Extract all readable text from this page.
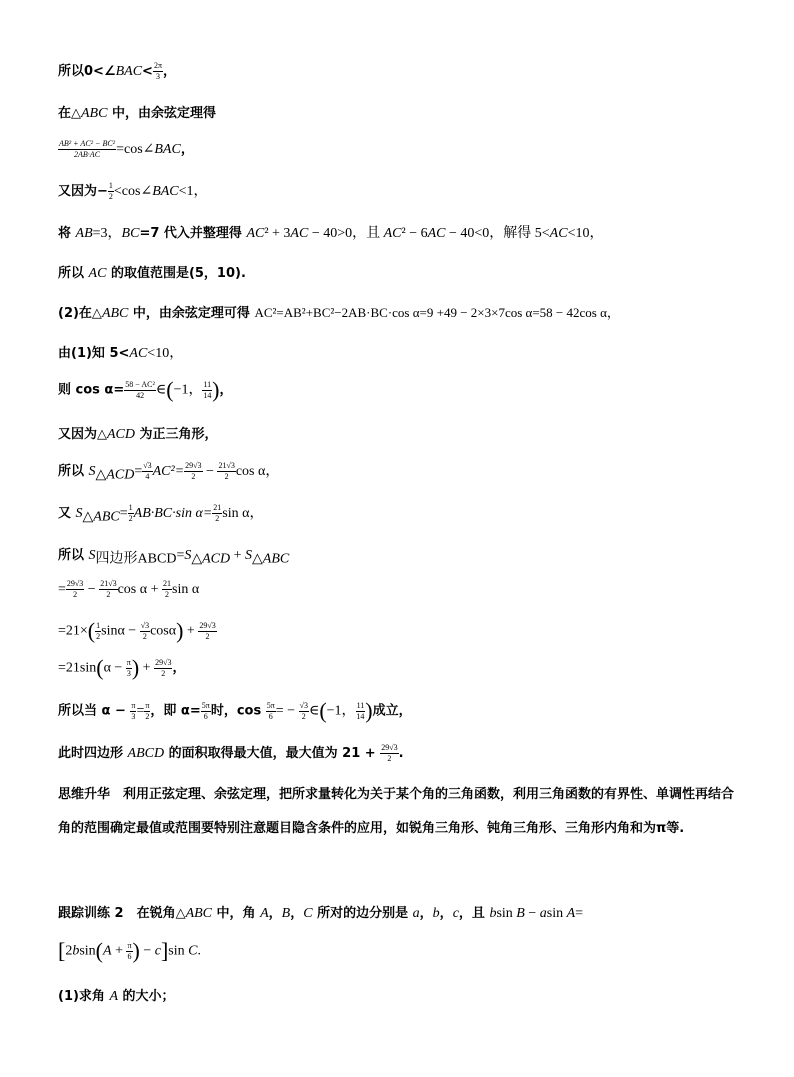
所以0<∠BAC< $\frac{2\pi}{3}$ ，
在△ABC 中，由余弦定理得
$\frac{\text{AB² + AC² − BC²}}{2AB\cdot AC}$ =cos∠BAC，
又因为− $\frac{1}{2}$ <cos∠BAC<1，
将 AB=3，BC=7 代入并整理得 AC² + 3AC − 40>0，且 AC² − 6AC − 40<0，解得 5<AC<10，
所以 AC 的取值范围是(5，10).
(2)在△ABC 中，由余弦定理可得 AC²=AB²+BC²−2AB·BC·cos α=9 +49 − 2×3×7cos α=58 − 42cos α，
由(1)知 5<AC<10，
则 $\cos \alpha= \frac{\text{58 − AC²}}{42}$ ∈(−1， $\frac{11}{14}$ )，
又因为△ACD 为正三角形，
所以 $S_{\triangle ACD}= \frac{√3}{4} AC^2= \frac{29√3}{2} - \frac{21√3}{2}$ cos α，
又 $S_{\triangle ABC}= \frac{1}{2} AB\cdot BC\cdot\sin$ $\alpha= \frac{21}{2}$ sin α，
所以 $S_{四边形ABCD}=S_{\triangle ACD} + S_{\triangle ABC}$
= $\frac{29√3}{2} - \frac{21√3}{2}$ $\cos \alpha + \frac{21}{2}$ sin α
$=21\times( \frac{1}{2}$ $\sin\alpha - \frac{√3}{2} \cos\alpha) + \frac{29√3}{2}$
$=21\sin(\alpha - \frac{\pi}{3}$ ) + $\frac{29√3}{2}$ ，
所以当 $\alpha - \frac{\pi}{3} = \frac{\pi}{2}$ ，即 $\alpha= \frac{5\pi}{6}$ 时，$\cos \frac{5\pi}{6}$ = − $\frac{√3}{2}$ ∈(−1， $\frac{11}{14}$ )成立，
此时四边形 ABCD 的面积取得最大值，最大值为 $21 + \frac{29√3}{2}$ .
思维升华　利用正弦定理、余弦定理，把所求量转化为关于某个角的三角函数，利用三角函数的有界性、单调性再结合角的范围确定最值或范围要特别注意题目隐含条件的应用，如锐角三角形、钝角三角形、三角形内角和为π等.
跟踪训练 2　在锐角△ABC 中，角 A，B，C 所对的边分别是 a，b，c，且 bsin B − asin A=
[$2bsin(A + \frac{\pi}{6}$ ) − c]sin C.
(1)求角 A 的大小；
